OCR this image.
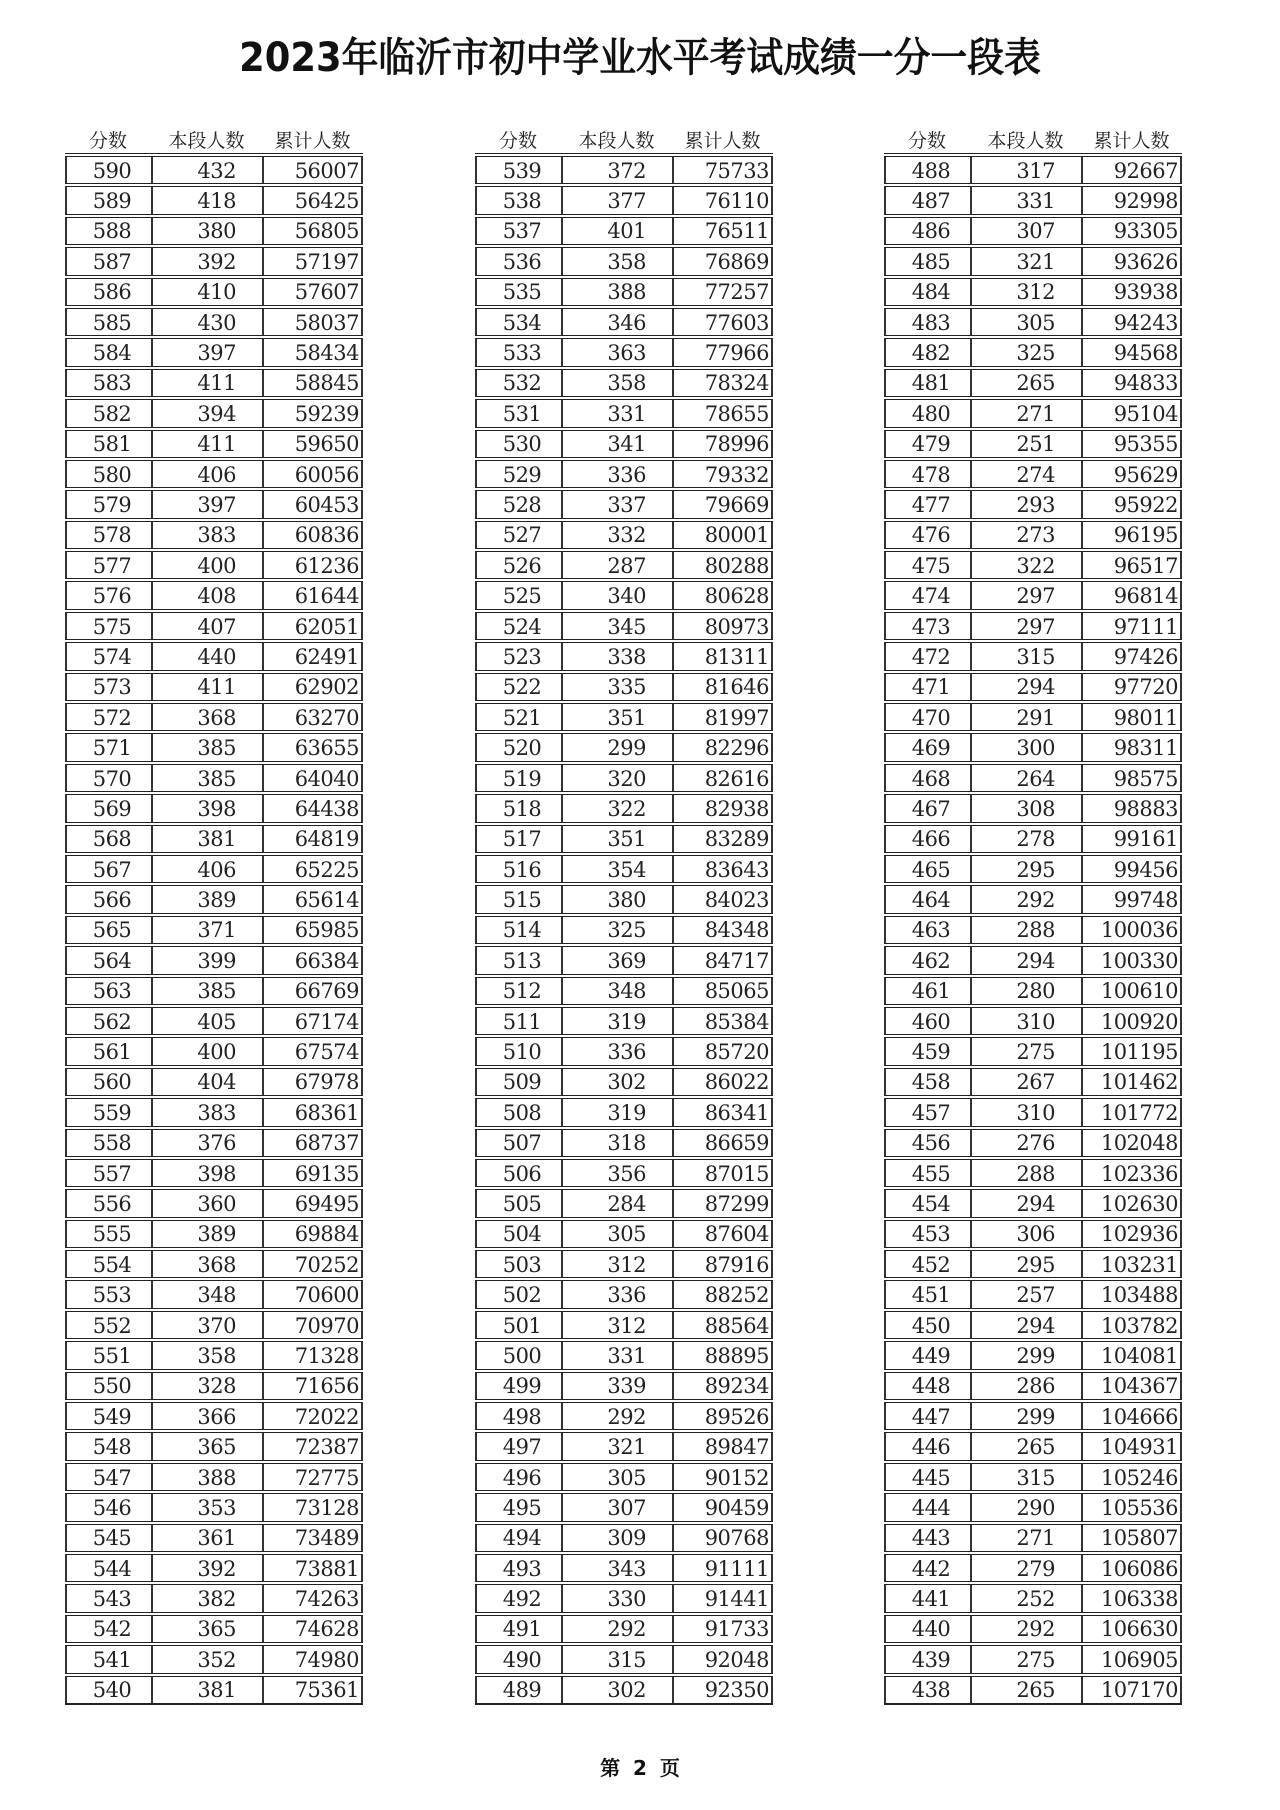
2023年临沂市初中学业水平考试成绩一分一段表
分数	本段人数	累计人数
590	432	56007
589	418	56425
588	380	56805
587	392	57197
586	410	57607
585	430	58037
584	397	58434
583	411	58845
582	394	59239
581	411	59650
580	406	60056
579	397	60453
578	383	60836
577	400	61236
576	408	61644
575	407	62051
574	440	62491
573	411	62902
572	368	63270
571	385	63655
570	385	64040
569	398	64438
568	381	64819
567	406	65225
566	389	65614
565	371	65985
564	399	66384
563	385	66769
562	405	67174
561	400	67574
560	404	67978
559	383	68361
558	376	68737
557	398	69135
556	360	69495
555	389	69884
554	368	70252
553	348	70600
552	370	70970
551	358	71328
550	328	71656
549	366	72022
548	365	72387
547	388	72775
546	353	73128
545	361	73489
544	392	73881
543	382	74263
542	365	74628
541	352	74980
540	381	75361
分数	本段人数	累计人数
539	372	75733
538	377	76110
537	401	76511
536	358	76869
535	388	77257
534	346	77603
533	363	77966
532	358	78324
531	331	78655
530	341	78996
529	336	79332
528	337	79669
527	332	80001
526	287	80288
525	340	80628
524	345	80973
523	338	81311
522	335	81646
521	351	81997
520	299	82296
519	320	82616
518	322	82938
517	351	83289
516	354	83643
515	380	84023
514	325	84348
513	369	84717
512	348	85065
511	319	85384
510	336	85720
509	302	86022
508	319	86341
507	318	86659
506	356	87015
505	284	87299
504	305	87604
503	312	87916
502	336	88252
501	312	88564
500	331	88895
499	339	89234
498	292	89526
497	321	89847
496	305	90152
495	307	90459
494	309	90768
493	343	91111
492	330	91441
491	292	91733
490	315	92048
489	302	92350
分数	本段人数	累计人数
488	317	92667
487	331	92998
486	307	93305
485	321	93626
484	312	93938
483	305	94243
482	325	94568
481	265	94833
480	271	95104
479	251	95355
478	274	95629
477	293	95922
476	273	96195
475	322	96517
474	297	96814
473	297	97111
472	315	97426
471	294	97720
470	291	98011
469	300	98311
468	264	98575
467	308	98883
466	278	99161
465	295	99456
464	292	99748
463	288 100036
462	294 100330
461	280 100610
460	310 100920
459	275 101195
458	267 101462
457	310 101772
456	276 102048
455	288 102336
454	294 102630
453	306 102936
452	295 103231
451	257 103488
450	294 103782
449	299 104081
448	286 104367
447	299 104666
446	265 104931
445	315 105246
444	290 105536
443	271 105807
442	279 106086
441	252 106338
440	292 106630
439	275 106905
438	265 107170
第 2 页
